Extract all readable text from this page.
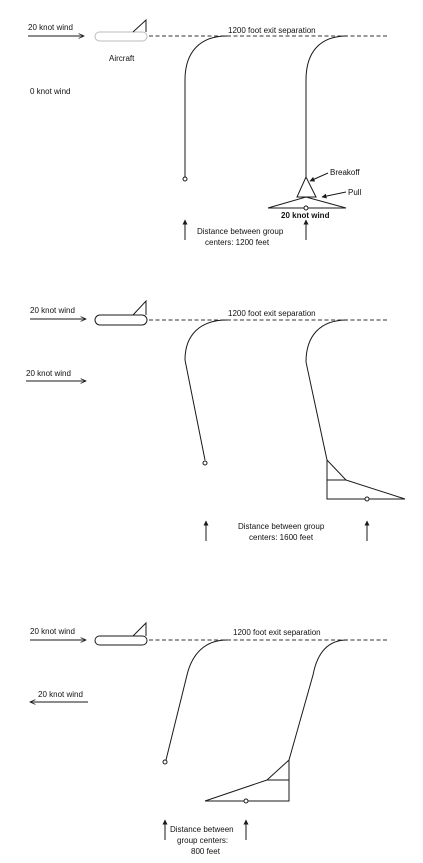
20 knot wind
Aircraft
1200 foot exit separation
0 knot wind
Breakoff
Pull
20 knot wind
Distance between group centers: 1200 feet
20 knot wind	1200 foot exit separation
20 knot wind
Distance between group centers: 1600 feet
20 knot wind	1200 foot exit separation
20 knot wind
Distance between group centers: 800 feet
